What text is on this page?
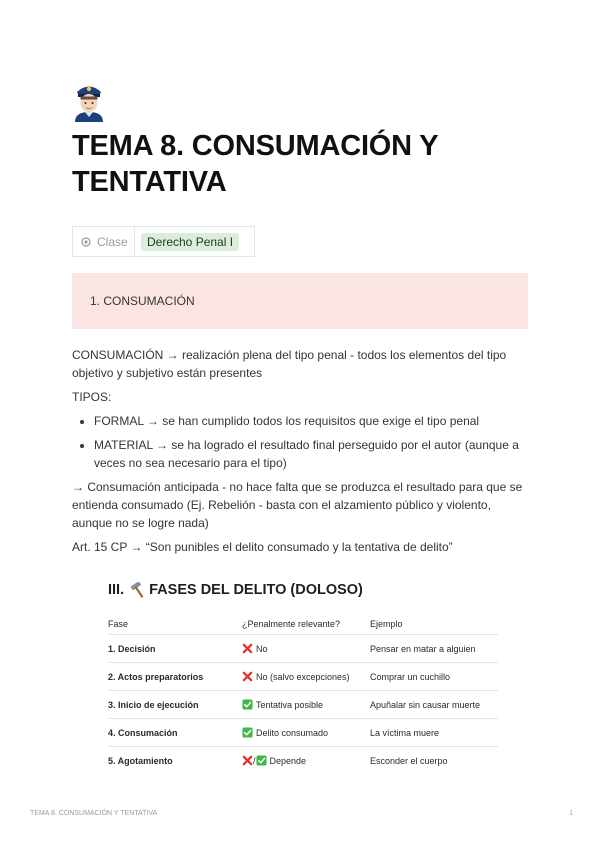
TEMA 8. CONSUMACIÓN Y TENTATIVA
Clase	Derecho Penal I
1. CONSUMACIÓN

CONSUMACIÓN → realización plena del tipo penal - todos los elementos del tipo objetivo y subjetivo están presentes

TIPOS:

• FORMAL → se han cumplido todos los requisitos que exige el tipo penal
• MATERIAL → se ha logrado el resultado final perseguido por el autor (aunque a veces no sea necesario para el tipo)

→ Consumación anticipada - no hace falta que se produzca el resultado para que se entienda consumado (Ej. Rebelión - basta con el alzamiento público y violento, aunque no se logre nada)

Art. 15 CP → “Son punibles el delito consumado y la tentativa de delito”

III. FASES DEL DELITO (DOLOSO)
Fase	¿Penalmente relevante?	Ejemplo
1. Decisión	No	Pensar en matar a alguien
2. Actos preparatorios	No (salvo excepciones)	Comprar un cuchillo
3. Inicio de ejecución	Tentativa posible	Apuñalar sin causar muerte
4. Consumación	Delito consumado	La víctima muere
5. Agotamiento	/ Depende	Esconder el cuerpo
TEMA 8. CONSUMACIÓN Y TENTATIVA	1
